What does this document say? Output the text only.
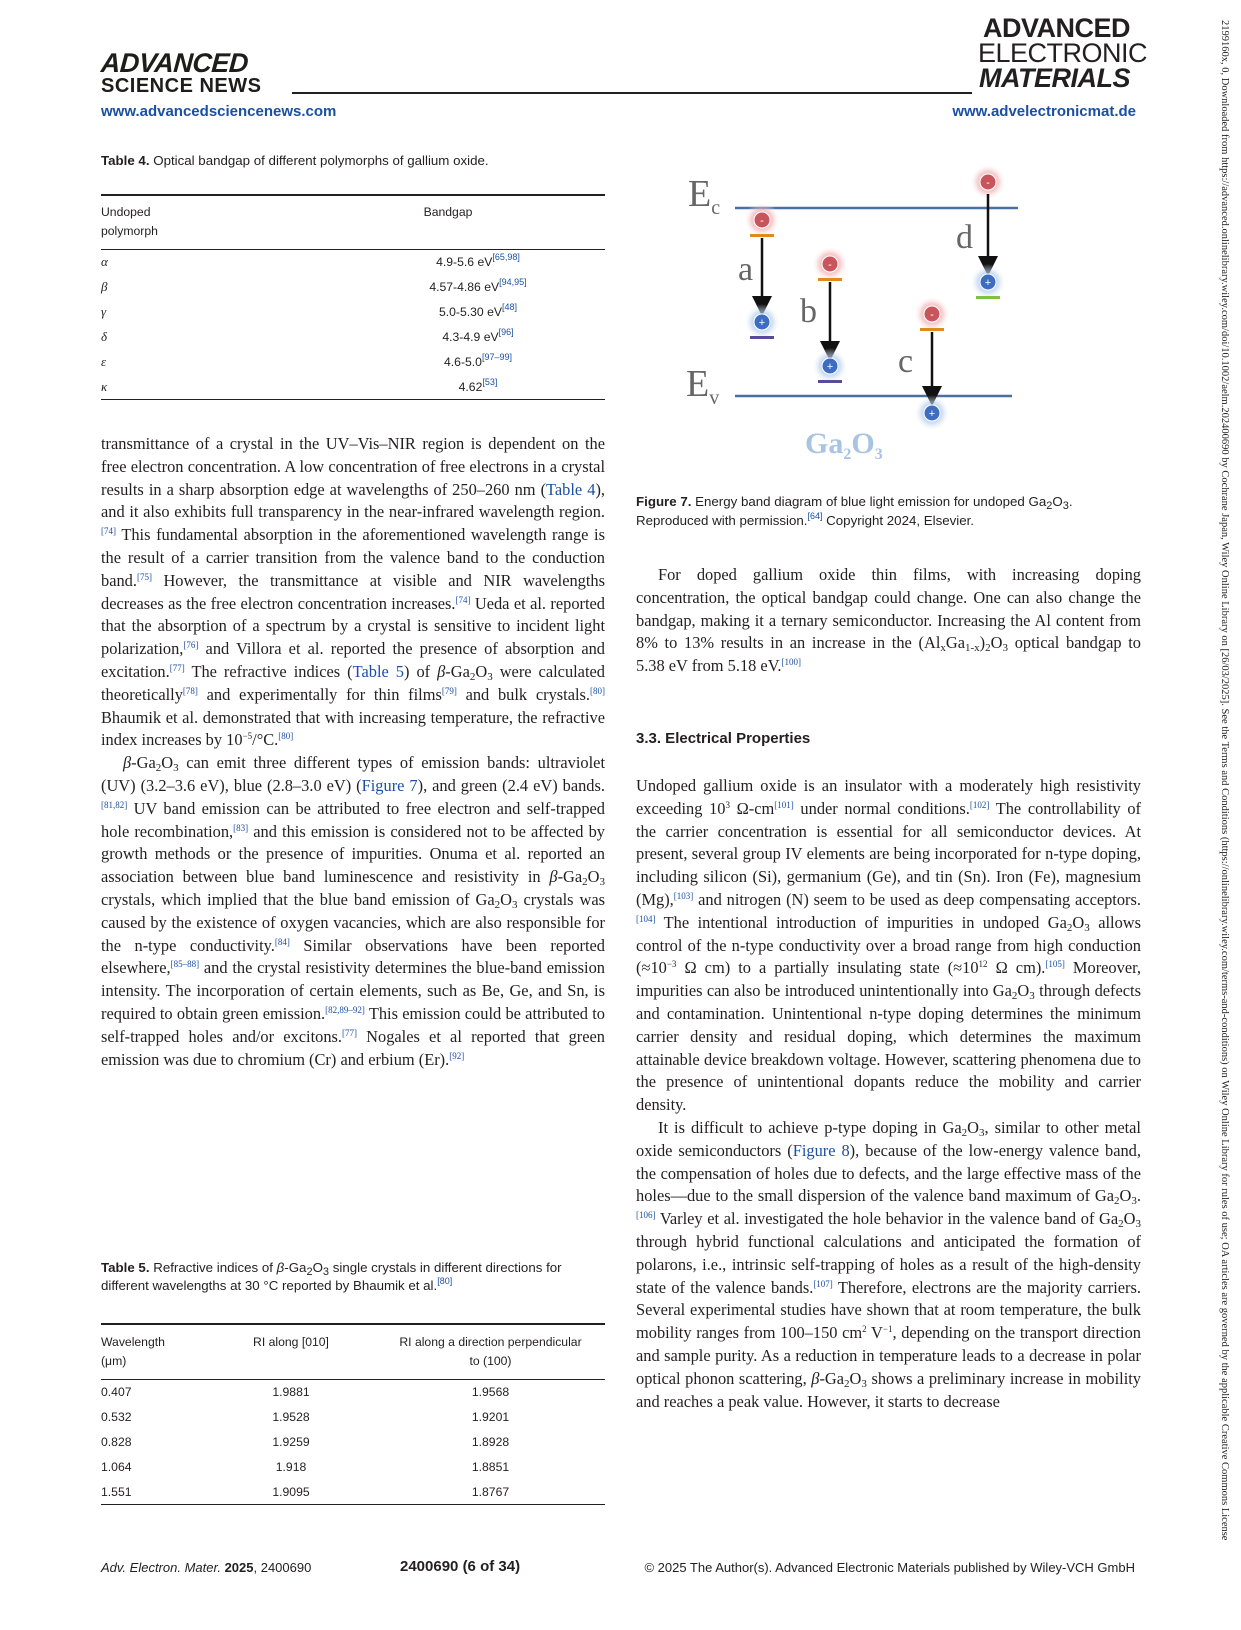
ADVANCED
SCIENCE NEWS
ADVANCED
ELECTRONIC
MATERIALS
www.advancedsciencenews.com	www.advelectronicmat.de	2199160x, 0, Downloaded from https://advanced.onlinelibrary.wiley.com/doi/10.1002/aelm.202400690 by Cochrane Japan, Wiley Online Library on [26/03/2025]. See the Terms and Conditions (https://onlinelibrary.wiley.com/terms-and-conditions) on Wiley Online Library for rules of use; OA articles are governed by the applicable Creative Commons License
Table 4. Optical bandgap of different polymorphs of gallium oxide.
Undoped
polymorph	Bandgap
α	4.9-5.6 eV[65,98]
β	4.57-4.86 eV[94,95]
γ	5.0-5.30 eV[48]
δ	4.3-4.9 eV[96]
ε	4.6-5.0[97–99]
κ	4.62[53]

transmittance of a crystal in the UV–Vis–NIR region is dependent on the free electron concentration. A low concentration of free electrons in a crystal results in a sharp absorption edge at wavelengths of 250–260 nm (Table 4), and it also exhibits full transparency in the near-infrared wavelength region.[74] This fundamental absorption in the aforementioned wavelength range is the result of a carrier transition from the valence band to the conduction band.[75] However, the transmittance at visible and NIR wavelengths decreases as the free electron concentration increases.[74] Ueda et al. reported that the absorption of a spectrum by a crystal is sensitive to incident light polarization,[76] and Villora et al. reported the presence of absorption and excitation.[77] The refractive indices (Table 5) of $\beta-Ga_2O_3$ were calculated theoretically[78] and experimentally for thin films[79] and bulk crystals.[80] Bhaumik et al. demonstrated that with increasing temperature, the refractive index increases by $10^{-5}/^\circ C.[80]$

$\beta-Ga_2O_3$ can emit three different types of emission bands: ultraviolet (UV) (3.2–3.6 eV), blue (2.8–3.0 eV) (Figure 7), and green (2.4 eV) bands.[81,82] UV band emission can be attributed to free electron and self-trapped hole recombination,[83] and this emission is considered not to be affected by growth methods or the presence of impurities. Onuma et al. reported an association between blue band luminescence and resistivity in $\beta-Ga_2O_3$ crystals, which implied that the blue band emission of $Ga_2O_3$ crystals was caused by the existence of oxygen vacancies, which are also responsible for the n-type conductivity.[84] Similar observations have been reported elsewhere,[85–88] and the crystal resistivity determines the blue-band emission intensity. The incorporation of certain elements, such as Be, Ge, and Sn, is required to obtain green emission.[82,89–92] This emission could be attributed to self-trapped holes and/or excitons.[77] Nogales et al reported that green emission was due to chromium (Cr) and erbium (Er).[92]

Table 5. Refractive indices of $\beta-Ga_2O_3$ single crystals in different directions for different wavelengths at 30 °C reported by Bhaumik et al.[80]
Wavelength
(μm)	RI along [010]	RI along a direction perpendicular
to (100)
0.407	1.9881	1.9568
0.532	1.9528	1.9201
0.828	1.9259	1.8928
1.064	1.918	1.8851
1.551	1.9095	1.8767
$E_c$
$E_v$
-
+
a	-
+
b	-
+
c
-
+
d
$Ga_2O_3$
Figure 7. Energy band diagram of blue light emission for undoped $Ga_2O_3$. Reproduced with permission.[64] Copyright 2024, Elsevier.

For doped gallium oxide thin films, with increasing doping concentration, the optical bandgap could change. One can also change the bandgap, making it a ternary semiconductor. Increasing the Al content from 8% to 13% results in an increase in the $(Al_xGa_{1-x})_2O_3$ optical bandgap to 5.38 eV from 5.18 eV.[100]

3.3. Electrical Properties

Undoped gallium oxide is an insulator with a moderately high resistivity exceeding $10^3$ Ω-cm[101] under normal conditions.[102] The controllability of the carrier concentration is essential for all semiconductor devices. At present, several group IV elements are being incorporated for n-type doping, including silicon (Si), germanium (Ge), and tin (Sn). Iron (Fe), magnesium (Mg),[103] and nitrogen (N) seem to be used as deep compensating acceptors.[104] The intentional introduction of impurities in undoped $Ga_2O_3$ allows control of the n-type conductivity over a broad range from high conduction ($\approx 10^{-3}$ Ω cm) to a partially insulating state ($\approx 10^{12}$ Ω cm).[105] Moreover, impurities can also be introduced unintentionally into $Ga_2O_3$ through defects and contamination. Unintentional n-type doping determines the minimum carrier density and residual doping, which determines the maximum attainable device breakdown voltage. However, scattering phenomena due to the presence of unintentional dopants reduce the mobility and carrier density.

It is difficult to achieve p-type doping in $Ga_2O_3$, similar to other metal oxide semiconductors (Figure 8), because of the low-energy valence band, the compensation of holes due to defects, and the large effective mass of the holes—due to the small dispersion of the valence band maximum of $Ga_2O_3.[106]$ Varley et al. investigated the hole behavior in the valence band of $Ga_2O_3$ through hybrid functional calculations and anticipated the formation of polarons, i.e., intrinsic self-trapping of holes as a result of the high-density state of the valence bands.[107] Therefore, electrons are the majority carriers. Several experimental studies have shown that at room temperature, the bulk mobility ranges from 100–150 $cm^2$ $V^{-1}$, depending on the transport direction and sample purity. As a reduction in temperature leads to a decrease in polar optical phonon scattering, $\beta-Ga_2O_3$ shows a preliminary increase in mobility and reaches a peak value. However, it starts to decrease

Adv. Electron. Mater. 2025, 2400690	2400690 (6 of 34)	© 2025 The Author(s). Advanced Electronic Materials published by Wiley-VCH GmbH
